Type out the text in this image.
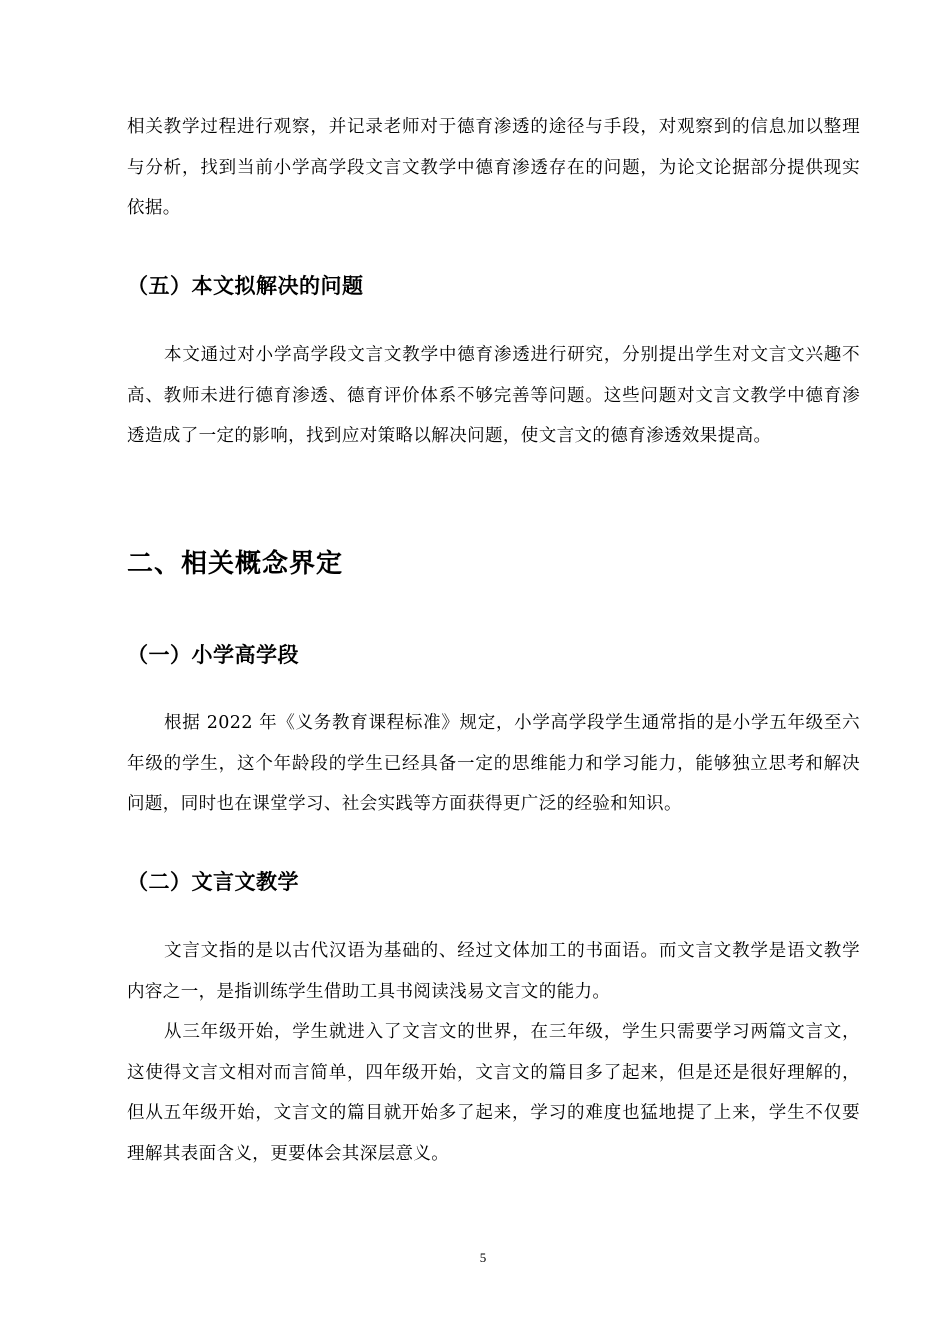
相关教学过程进行观察，并记录老师对于德育渗透的途径与手段，对观察到的信息加以整理与分析，找到当前小学高学段文言文教学中德育渗透存在的问题，为论文论据部分提供现实依据。

（五）本文拟解决的问题

本文通过对小学高学段文言文教学中德育渗透进行研究，分别提出学生对文言文兴趣不高、教师未进行德育渗透、德育评价体系不够完善等问题。这些问题对文言文教学中德育渗透造成了一定的影响，找到应对策略以解决问题，使文言文的德育渗透效果提高。

二、相关概念界定
（一）小学高学段

根据 2022 年《义务教育课程标准》规定，小学高学段学生通常指的是小学五年级至六年级的学生，这个年龄段的学生已经具备一定的思维能力和学习能力，能够独立思考和解决问题，同时也在课堂学习、社会实践等方面获得更广泛的经验和知识。

（二）文言文教学

文言文指的是以古代汉语为基础的、经过文体加工的书面语。而文言文教学是语文教学内容之一，是指训练学生借助工具书阅读浅易文言文的能力。

从三年级开始，学生就进入了文言文的世界，在三年级，学生只需要学习两篇文言文，这使得文言文相对而言简单，四年级开始，文言文的篇目多了起来，但是还是很好理解的，但从五年级开始，文言文的篇目就开始多了起来，学习的难度也猛地提了上来，学生不仅要理解其表面含义，更要体会其深层意义。

5
